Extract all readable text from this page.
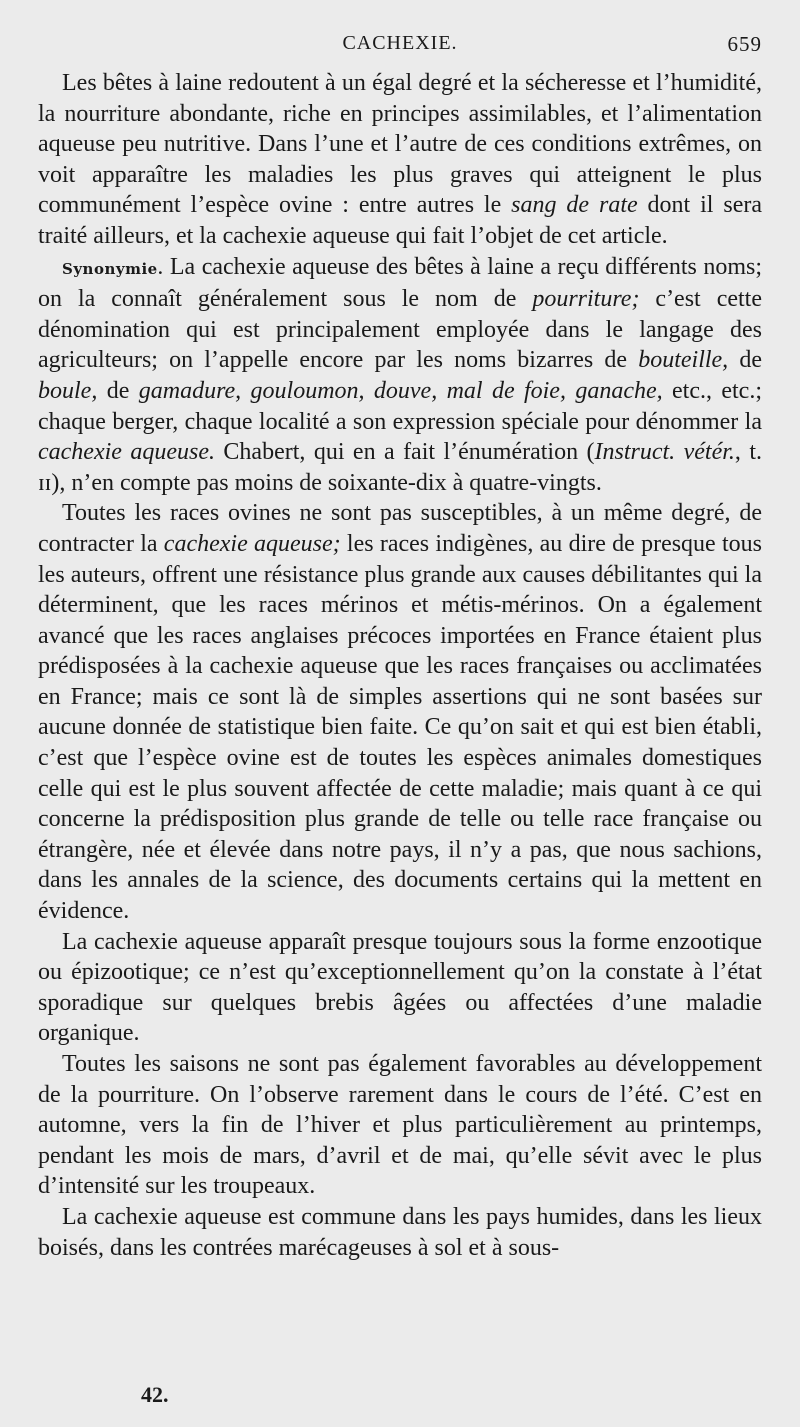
CACHEXIE.	659

Les bêtes à laine redoutent à un égal degré et la sécheresse et l’humidité, la nourriture abondante, riche en principes assimilables, et l’alimentation aqueuse peu nutritive. Dans l’une et l’autre de ces conditions extrêmes, on voit apparaître les maladies les plus graves qui atteignent le plus communément l’espèce ovine : entre autres le sang de rate dont il sera traité ailleurs, et la cachexie aqueuse qui fait l’objet de cet article.

Synonymie. La cachexie aqueuse des bêtes à laine a reçu différents noms; on la connaît généralement sous le nom de pourriture; c’est cette dénomination qui est principalement employée dans le langage des agriculteurs; on l’appelle encore par les noms bizarres de bouteille, de boule, de gamadure, gouloumon, douve, mal de foie, ganache, etc., etc.; chaque berger, chaque localité a son expression spéciale pour dénommer la cachexie aqueuse. Chabert, qui en a fait l’énumération (Instruct. vétér., t. ɪɪ), n’en compte pas moins de soixante-dix à quatre-vingts.

Toutes les races ovines ne sont pas susceptibles, à un même degré, de contracter la cachexie aqueuse; les races indigènes, au dire de presque tous les auteurs, offrent une résistance plus grande aux causes débilitantes qui la déterminent, que les races mérinos et métis-mérinos. On a également avancé que les races anglaises précoces importées en France étaient plus prédisposées à la cachexie aqueuse que les races françaises ou acclimatées en France; mais ce sont là de simples assertions qui ne sont basées sur aucune donnée de statistique bien faite. Ce qu’on sait et qui est bien établi, c’est que l’espèce ovine est de toutes les espèces animales domestiques celle qui est le plus souvent affectée de cette maladie; mais quant à ce qui concerne la prédisposition plus grande de telle ou telle race française ou étrangère, née et élevée dans notre pays, il n’y a pas, que nous sachions, dans les annales de la science, des documents certains qui la mettent en évidence.

La cachexie aqueuse apparaît presque toujours sous la forme enzootique ou épizootique; ce n’est qu’exceptionnellement qu’on la constate à l’état sporadique sur quelques brebis âgées ou affectées d’une maladie organique.

Toutes les saisons ne sont pas également favorables au développement de la pourriture. On l’observe rarement dans le cours de l’été. C’est en automne, vers la fin de l’hiver et plus particulièrement au printemps, pendant les mois de mars, d’avril et de mai, qu’elle sévit avec le plus d’intensité sur les troupeaux.

La cachexie aqueuse est commune dans les pays humides, dans les lieux boisés, dans les contrées marécageuses à sol et à sous-

42.
